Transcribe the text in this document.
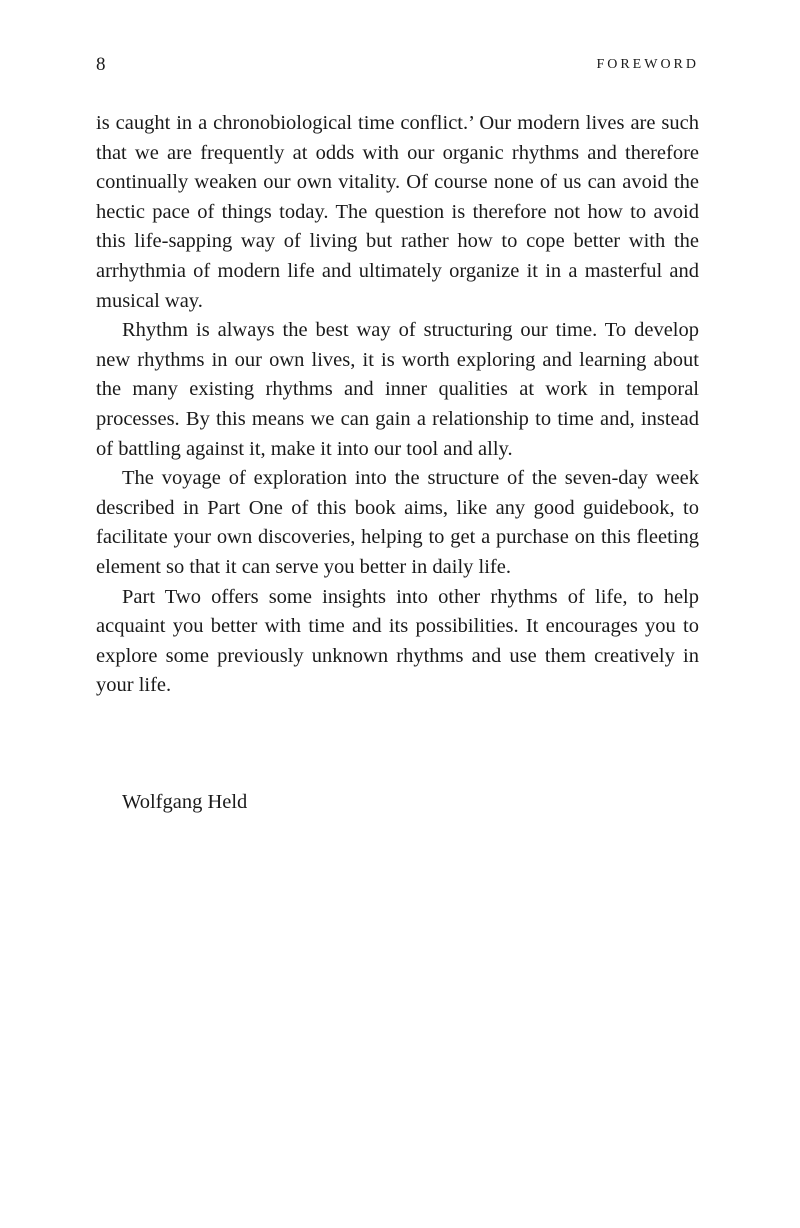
8	FOREWORD

is caught in a chronobiological time conflict.’ Our modern lives are such that we are frequently at odds with our organic rhythms and therefore continually weaken our own vitality. Of course none of us can avoid the hectic pace of things today. The question is therefore not how to avoid this life-sapping way of living but rather how to cope better with the arrhythmia of modern life and ultimately organize it in a masterful and musical way.

Rhythm is always the best way of structuring our time. To develop new rhythms in our own lives, it is worth exploring and learning about the many existing rhythms and inner qualities at work in temporal processes. By this means we can gain a relationship to time and, instead of battling against it, make it into our tool and ally.

The voyage of exploration into the structure of the seven-day week described in Part One of this book aims, like any good guidebook, to facilitate your own discoveries, helping to get a purchase on this fleeting element so that it can serve you better in daily life.

Part Two offers some insights into other rhythms of life, to help acquaint you better with time and its possibilities. It encourages you to explore some previously unknown rhythms and use them creatively in your life.

Wolfgang Held
